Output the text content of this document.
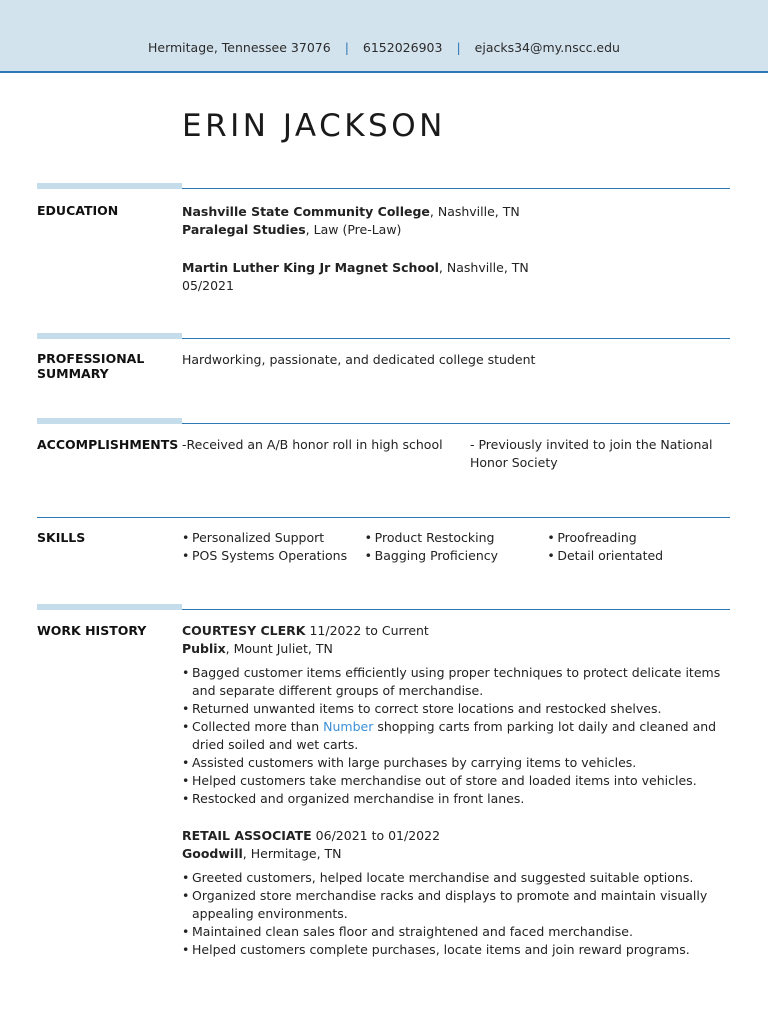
Hermitage, Tennessee 37076 | 6152026903 | ejacks34@my.nscc.edu
ERIN JACKSON
EDUCATION	Nashville State Community College, Nashville, TN
Paralegal Studies, Law (Pre-Law)
Martin Luther King Jr Magnet School, Nashville, TN
05/2021
PROFESSIONAL
SUMMARY
Hardworking, passionate, and dedicated college student
ACCOMPLISHMENTS -Received an A/B honor roll in high school	- Previously invited to join the National Honor Society
SKILLS
•	Personalized Support
• POS Systems Operations
• Product Restocking
• Bagging Proficiency
• Proofreading
• Detail orientated
WORK HISTORY	COURTESY CLERK 11/2022 to Current
Publix, Mount Juliet, TN
• Bagged customer items efficiently using proper techniques to protect delicate items and separate different groups of merchandise.
• Returned unwanted items to correct store locations and restocked shelves.
• Collected more than Number shopping carts from parking lot daily and cleaned and dried soiled and wet carts.
• Assisted customers with large purchases by carrying items to vehicles.
• Helped customers take merchandise out of store and loaded items into vehicles.
• Restocked and organized merchandise in front lanes.
RETAIL ASSOCIATE 06/2021 to 01/2022
Goodwill, Hermitage, TN
• Greeted customers, helped locate merchandise and suggested suitable options.
• Organized store merchandise racks and displays to promote and maintain visually appealing environments.
• Maintained clean sales floor and straightened and faced merchandise.
• Helped customers complete purchases, locate items and join reward programs.
